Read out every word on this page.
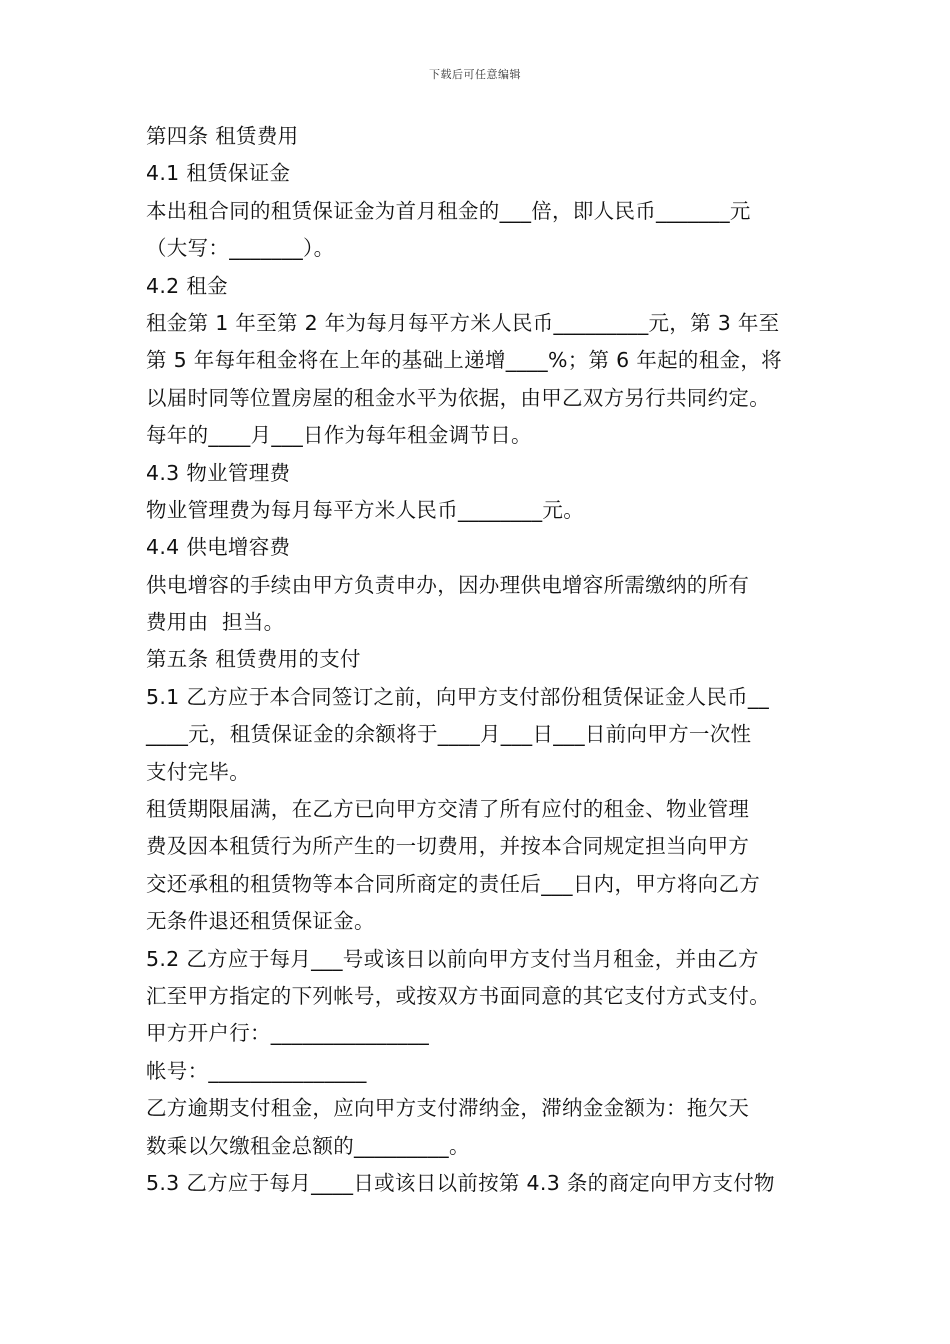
下载后可任意编辑
第四条 租赁费用
4.1 租赁保证金
本出租合同的租赁保证金为首月租金的___倍，即人民币_______元
（大写：_______）。
4.2 租金
租金第 1 年至第 2 年为每月每平方米人民币_________元，第 3 年至
第 5 年每年租金将在上年的基础上递增____%；第 6 年起的租金，将
以届时同等位置房屋的租金水平为依据，由甲乙双方另行共同约定。
每年的____月___日作为每年租金调节日。
4.3 物业管理费
物业管理费为每月每平方米人民币________元。
4.4 供电增容费
供电增容的手续由甲方负责申办，因办理供电增容所需缴纳的所有
费用由  担当。
第五条 租赁费用的支付
5.1 乙方应于本合同签订之前，向甲方支付部份租赁保证金人民币__
____元，租赁保证金的余额将于____月___日___日前向甲方一次性
支付完毕。
租赁期限届满，在乙方已向甲方交清了所有应付的租金、物业管理
费及因本租赁行为所产生的一切费用，并按本合同规定担当向甲方
交还承租的租赁物等本合同所商定的责任后___日内，甲方将向乙方
无条件退还租赁保证金。
5.2 乙方应于每月___号或该日以前向甲方支付当月租金，并由乙方
汇至甲方指定的下列帐号，或按双方书面同意的其它支付方式支付。
甲方开户行：_______________
帐号：_______________
乙方逾期支付租金，应向甲方支付滞纳金，滞纳金金额为：拖欠天
数乘以欠缴租金总额的_________。
5.3 乙方应于每月____日或该日以前按第 4.3 条的商定向甲方支付物
